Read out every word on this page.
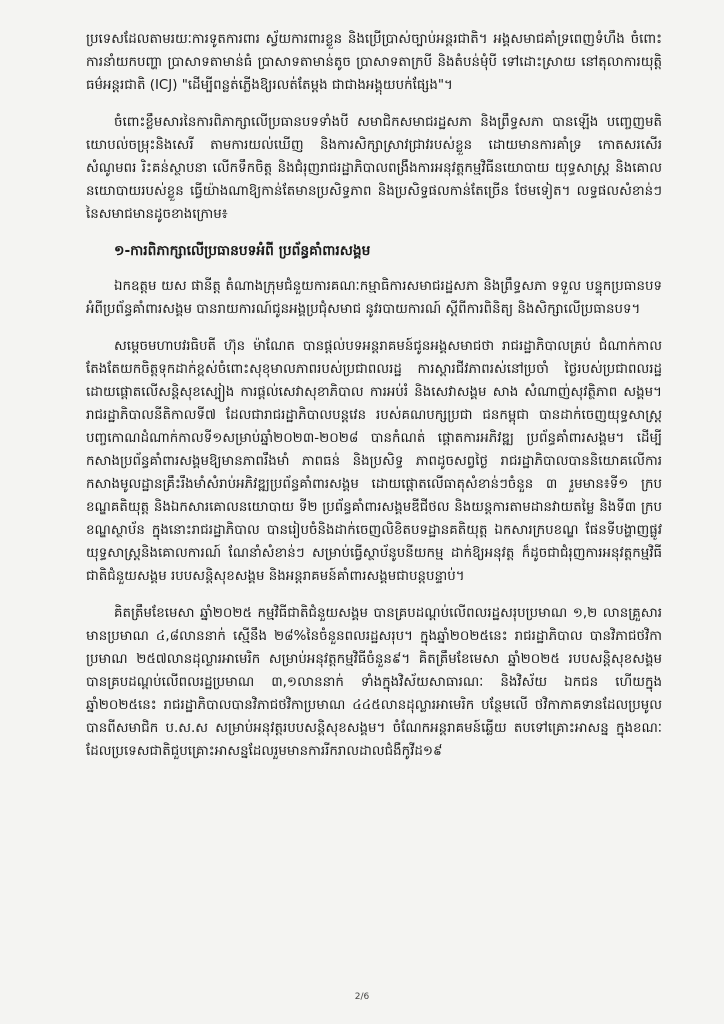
ប្រទេសដែលតាមរយៈការទូតការពារ ស្វ័យការពារខ្លួន និងប្រើប្រាស់ច្បាប់អន្តរជាតិ។ អង្គសមាជគាំទ្រពេញទំហឹង ចំពោះការនាំយកបញ្ហា ប្រាសាទតាមាន់ធំ ប្រាសាទតាមាន់តូច ប្រាសាទតាក្របី និងតំបន់មុំបី ទៅដោះស្រាយ នៅតុលាការយុត្តិធម៌អន្តរជាតិ (ICJ) "ដើម្បីពន្លត់ភ្លើងឱ្យរលត់តែម្តង ជាជាងអង្គុយបក់ផ្សែង"។

ចំពោះខ្លឹមសារនៃការពិភាក្សាលើប្រធានបទទាំងបី សមាជិកសមាជរដ្ឋសភា និងព្រឹទ្ធសភា បានឡើង បញ្ចេញមតិ យោបល់ចម្រុះនិងសេរី តាមការយល់ឃើញ និងការសិក្សាស្រាវជ្រាវរបស់ខ្លួន ដោយមានការគាំទ្រ កោតសរសើរ សំណូមពរ រិះគន់ស្ថាបនា លើកទឹកចិត្ត និងជំរុញរាជរដ្ឋាភិបាលពង្រឹងការអនុវត្តកម្មវិធីនយោបាយ យុទ្ធសាស្ត្រ និងគោលនយោបាយរបស់ខ្លួន ធ្វើយ៉ាងណាឱ្យកាន់តែមានប្រសិទ្ធភាព និងប្រសិទ្ធផលកាន់តែច្រើន ថែមទៀត។ លទ្ធផលសំខាន់ៗនៃសមាជមានដូចខាងក្រោម៖

១-ការពិភាក្សាលើប្រធានបទអំពី ប្រព័ន្ធគាំពារសង្គម

ឯកឧត្តម យស ផានីត្ត តំណាងក្រុមជំនួយការគណៈកម្មាធិការសមាជរដ្ឋសភា និងព្រឹទ្ធសភា ទទួល បន្ទុកប្រធានបទអំពីប្រព័ន្ធគាំពារសង្គម បានរាយការណ៍ជូនអង្គប្រជុំសមាជ នូវរបាយការណ៍ ស្តីពីការពិនិត្យ និងសិក្សាលើប្រធានបទ។

សម្តេចមហាបវរធិបតី ហ៊ុន ម៉ាណែត បានផ្តល់បទអន្តរាគមន៍ជូនអង្គសមាជថា រាជរដ្ឋាភិបាលគ្រប់ ជំណាក់កាល តែងតែយកចិត្តទុកដាក់ខ្ពស់ចំពោះសុខុមាលភាពរបស់ប្រជាពលរដ្ឋ ការស្តារជីវភាពរស់នៅប្រចាំ ថ្ងៃរបស់ប្រជាពលរដ្ឋ ដោយផ្តោតលើសន្តិសុខស្បៀង ការផ្តល់សេវាសុខាភិបាល ការអប់រំ និងសេវាសង្គម សាង សំណាញ់សុវត្ថិភាព សង្គម។ រាជរដ្ឋាភិបាលនីតិកាលទី៧ ដែលជារាជរដ្ឋាភិបាលបន្តវេន របស់គណបក្សប្រជា ជនកម្ពុជា បានដាក់ចេញយុទ្ធសាស្ត្របញ្ចកោណដំណាក់កាលទី១សម្រាប់ឆ្នាំ២០២៣-២០២៨ បានកំណត់ ផ្តោតការអភិវឌ្ឍ ប្រព័ន្ធគាំពារសង្គម។ ដើម្បីកសាងប្រព័ន្ធគាំពារសង្គមឱ្យមានភាពរឹងមាំ ភាពធន់ និងប្រសិទ្ធ ភាពដូចសព្វថ្ងៃ រាជរដ្ឋាភិបាលបាននិយោគលើការកសាងមូលដ្ឋានគ្រឹះរឹងមាំសំរាប់អភិវឌ្ឍប្រព័ន្ធគាំពារសង្គម ដោយផ្តោតលើធាតុសំខាន់ៗចំនួន ៣ រួមមាន៖ទី១ ក្របខណ្ឌគតិយុត្ត និងឯកសារគោលនយោបាយ ទី២ ប្រព័ន្ធគាំពារសង្គមឌីជីថល និងយន្តការតាមដានវាយតម្លៃ និងទី៣ ក្របខណ្ឌស្ថាប័ន ក្នុងនោះរាជរដ្ឋាភិបាល បានរៀបចំនិងដាក់ចេញលិខិតបទដ្ឋានគតិយុត្ត ឯកសារក្របខណ្ឌ ផែនទីបង្ហាញផ្លូវ យុទ្ធសាស្ត្រនិងគោលការណ៍ ណែនាំសំខាន់ៗ សម្រាប់ធ្វើស្ថាប័នូបនីយកម្ម ដាក់ឱ្យអនុវត្ត ក៏ដូចជាជំរុញការអនុវត្តកម្មវិធីជាតិជំនួយសង្គម របបសន្តិសុខសង្គម និងអន្តរាគមន៍គាំពារសង្គមជាបន្តបន្ទាប់។

គិតត្រឹមខែមេសា ឆ្នាំ២០២៥ កម្មវិធីជាតិជំនួយសង្គម បានគ្របដណ្តប់លើពលរដ្ឋសរុបប្រមាណ ១,២ លានគ្រួសារ មានប្រមាណ ៤,៨លាននាក់ ស្មើនឹង ២៨%នៃចំនួនពលរដ្ឋសរុប។ ក្នុងឆ្នាំ២០២៥នេះ រាជរដ្ឋាភិបាល បានវិភាជថវិកាប្រមាណ ២៥៧លានដុល្លារអាមេរិក សម្រាប់អនុវត្តកម្មវិធីចំនួន៩។ គិតត្រឹមខែមេសា ឆ្នាំ២០២៥ របបសន្តិសុខសង្គម បានគ្របដណ្តប់លើពលរដ្ឋប្រមាណ ៣,១លាននាក់ ទាំងក្នុងវិស័យសាធារណៈ និងវិស័យ ឯកជន ហើយក្នុងឆ្នាំ២០២៥នេះ រាជរដ្ឋាភិបាលបានវិភាជថវិកាប្រមាណ ៤៤៥លានដុល្លារអាមេរិក បន្ថែមលើ ថវិកាភាគទានដែលប្រមូលបានពីសមាជិក ប.ស.ស សម្រាប់អនុវត្តរបបសន្តិសុខសង្គម។ ចំណែកអន្តរាគមន៍ឆ្លើយ តបទៅគ្រោះអាសន្ន ក្នុងខណៈដែលប្រទេសជាតិជួបគ្រោះអាសន្នដែលរួមមានការរីករាលដាលជំងឺកូវីដ១៩

2/6
